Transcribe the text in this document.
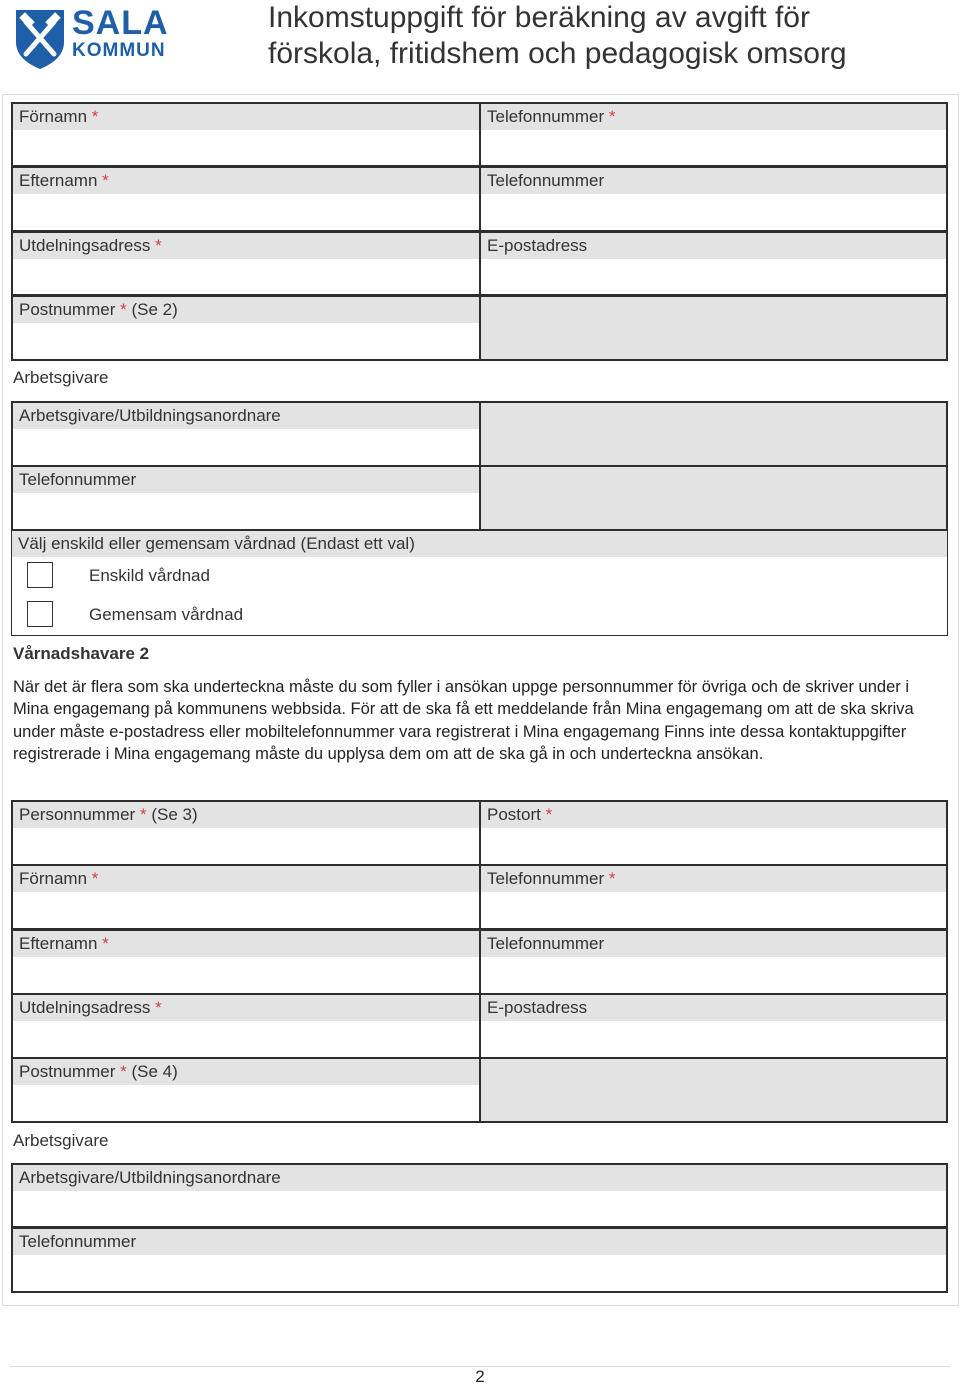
SALA
KOMMUN
Inkomstuppgift för beräkning av avgift för
förskola, fritidshem och pedagogisk omsorg
Förnamn *	Telefonnummer *
Efternamn *	Telefonnummer
Utdelningsadress *	E-postadress
Postnummer * (Se 2)
Arbetsgivare
Arbetsgivare/Utbildningsanordnare
Telefonnummer
Välj enskild eller gemensam vårdnad (Endast ett val)
Enskild vårdnad
Gemensam vårdnad
Vårnadshavare 2
När det är flera som ska underteckna måste du som fyller i ansökan uppge personnummer för övriga och de skriver under i Mina engagemang på kommunens webbsida. För att de ska få ett meddelande från Mina engagemang om att de ska skriva under måste e-postadress eller mobiltelefonnummer vara registrerat i Mina engagemang Finns inte dessa kontaktuppgifter registrerade i Mina engagemang måste du upplysa dem om att de ska gå in och underteckna ansökan.
Personnummer * (Se 3)	Postort *
Förnamn *	Telefonnummer *
Efternamn *	Telefonnummer
Utdelningsadress *	E-postadress
Postnummer * (Se 4)
Arbetsgivare
Arbetsgivare/Utbildningsanordnare
Telefonnummer
2
